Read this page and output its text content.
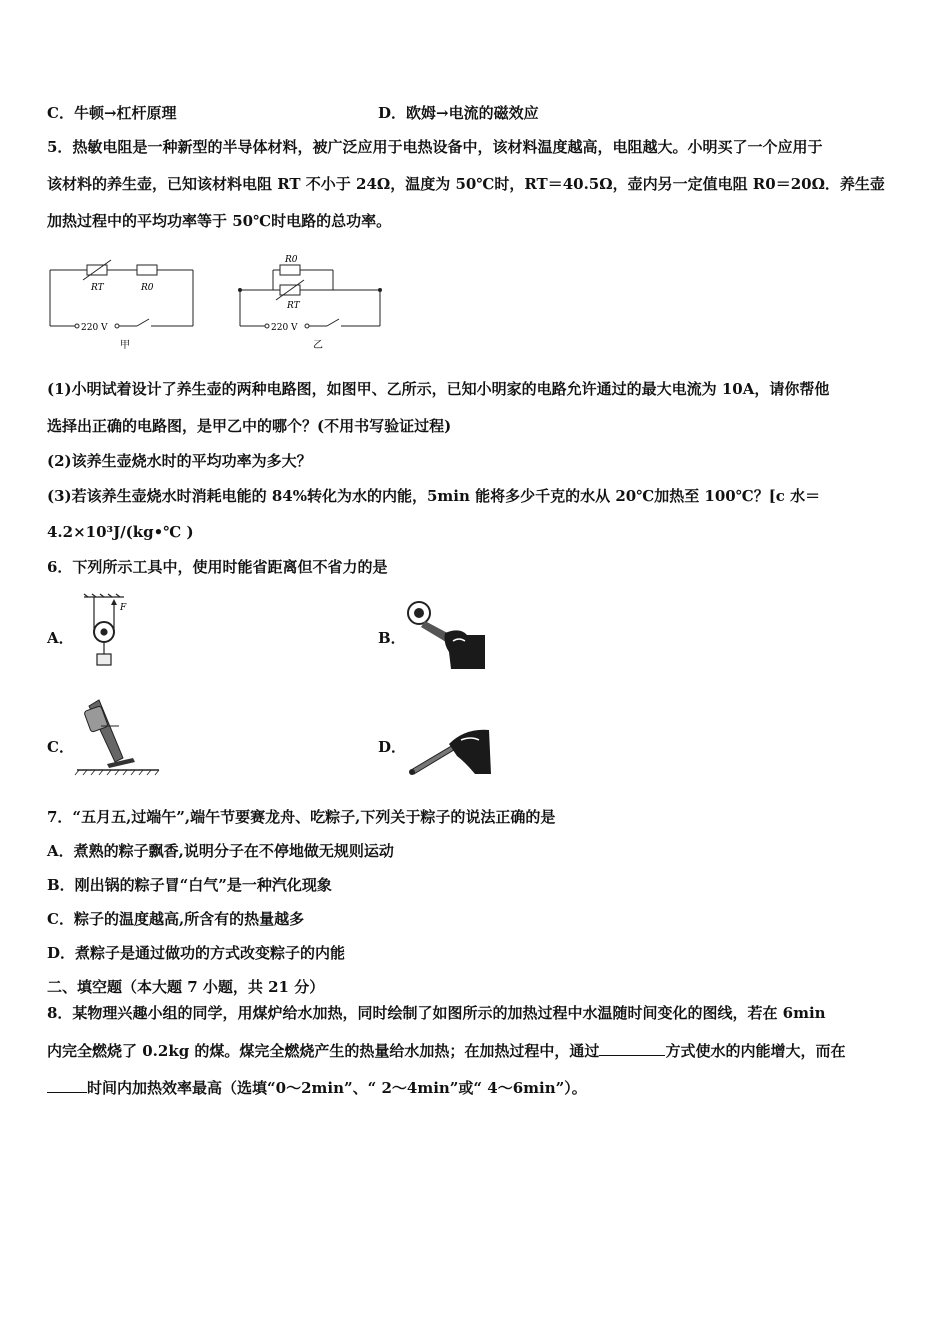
C．牛顿→杠杆原理	D．欧姆→电流的磁效应
5．热敏电阻是一种新型的半导体材料，被广泛应用于电热设备中，该材料温度越高，电阻越大。小明买了一个应用于
该材料的养生壶，已知该材料电阻 RT 不小于 24Ω，温度为 50℃时，RT＝40.5Ω，壶内另一定值电阻 R0＝20Ω．养生壶
加热过程中的平均功率等于 50℃时电路的总功率。
RT	R0
220 V
甲
R0
RT
220 V
乙
(1)小明试着设计了养生壶的两种电路图，如图甲、乙所示，已知小明家的电路允许通过的最大电流为 10A，请你帮他
选择出正确的电路图，是甲乙中的哪个？(不用书写验证过程)
(2)该养生壶烧水时的平均功率为多大？
(3)若该养生壶烧水时消耗电能的 84%转化为水的内能，5min 能将多少千克的水从 20℃加热至 100℃？[c 水＝
4.2×10³J/(kg•℃ )
6．下列所示工具中，使用时能省距离但不省力的是
A．
F
B．
C．	D．
7．“五月五,过端午”,端午节要赛龙舟、吃粽子,下列关于粽子的说法正确的是
A．煮熟的粽子飘香,说明分子在不停地做无规则运动
B．刚出锅的粽子冒“白气”是一种汽化现象
C．粽子的温度越高,所含有的热量越多
D．煮粽子是通过做功的方式改变粽子的内能
二、填空题（本大题 7 小题，共 21 分）
8．某物理兴趣小组的同学，用煤炉给水加热，同时绘制了如图所示的加热过程中水温随时间变化的图线，若在 6min
内完全燃烧了 0.2kg 的煤。煤完全燃烧产生的热量给水加热；在加热过程中，通过	方式使水的内能增大，而在
时间内加热效率最高（选填“0～2min”、“ 2～4min”或“ 4～6min”）。
